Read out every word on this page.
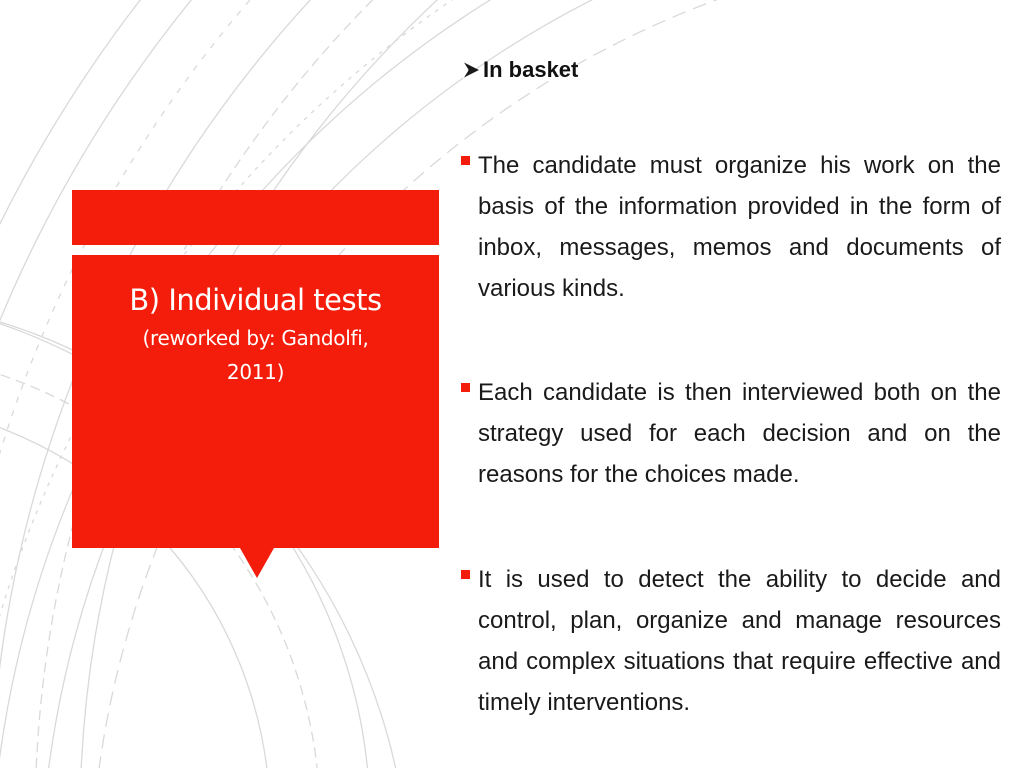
B) Individual tests
(reworked by: Gandolfi,
2011)
In basket
The candidate must organize his work on the basis of the information provided in the form of inbox, messages, memos and documents of various kinds.
Each candidate is then interviewed both on the strategy used for each decision and on the reasons for the choices made.
It is used to detect the ability to decide and control, plan, organize and manage resources and complex situations that require effective and timely interventions.
